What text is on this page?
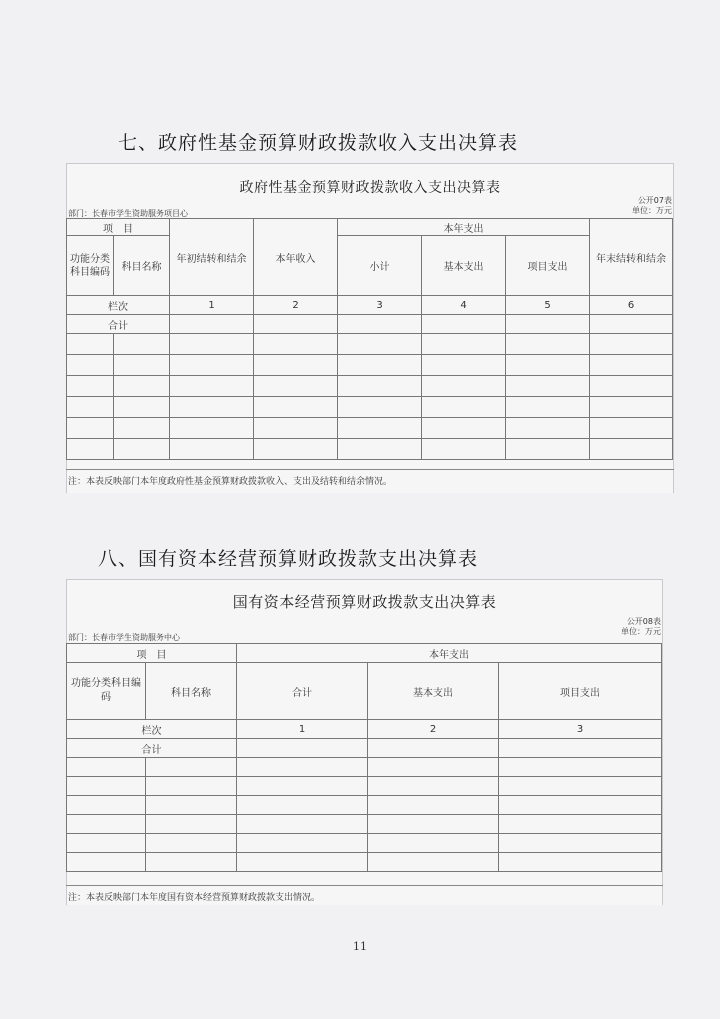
七、政府性基金预算财政拨款收入支出决算表
政府性基金预算财政拨款收入支出决算表
公开07表
单位：万元
部门：长春市学生资助服务项目心
项　目		年初结转和结余	本年收入	本年支出			年末结转和结余
功能分类科目编码	科目名称			小计	基本支出	项目支出	
栏次		1	2	3	4	5	6
合计							

注：本表反映部门本年度政府性基金预算财政拨款收入、支出及结转和结余情况。
八、国有资本经营预算财政拨款支出决算表
国有资本经营预算财政拨款支出决算表
公开08表
单位：万元
部门：长春市学生资助服务中心
项　目		本年支出		
功能分类科目编码	科目名称	合计	基本支出	项目支出
栏次		1	2	3
合计				

注：本表反映部门本年度国有资本经营预算财政拨款支出情况。
11
